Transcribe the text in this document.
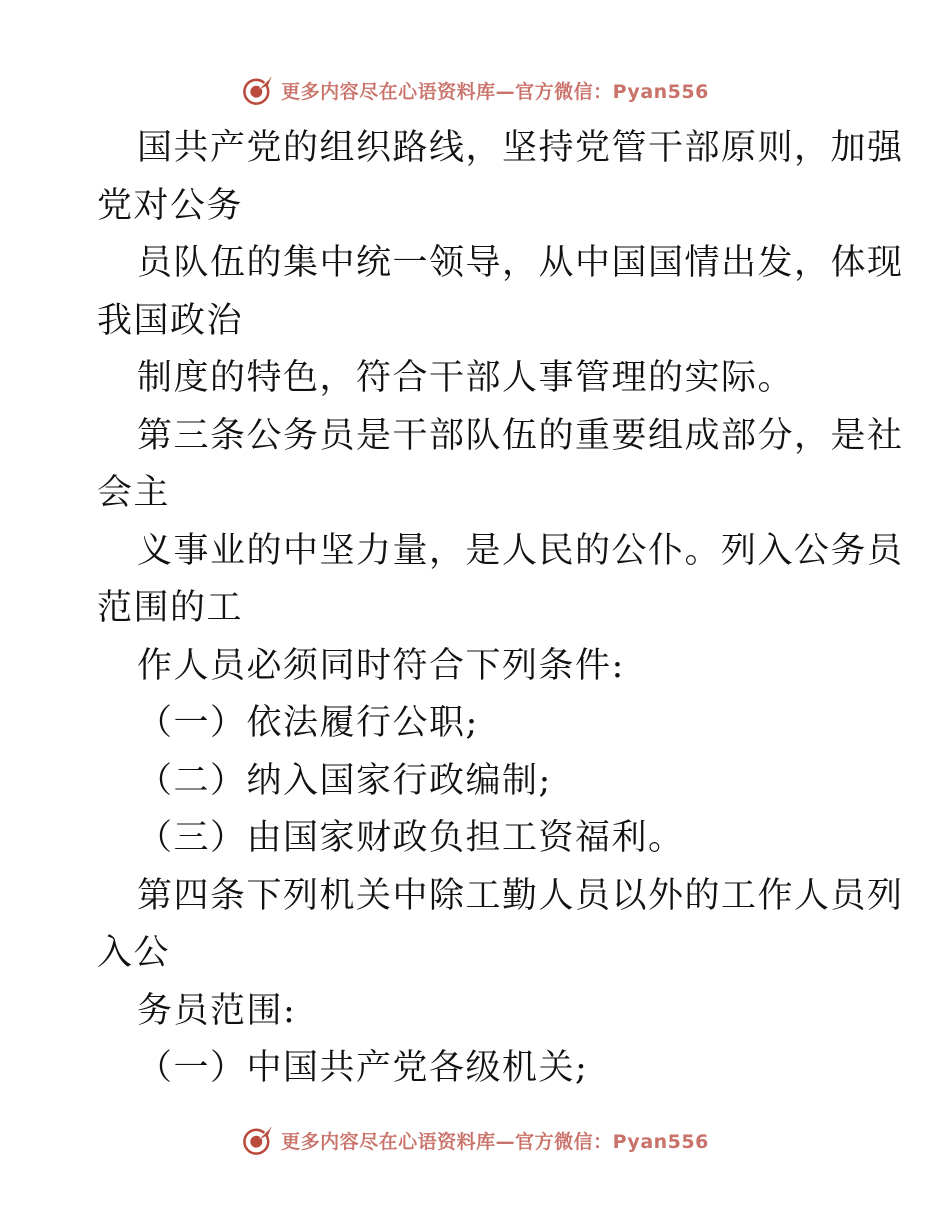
更多内容尽在心语资料库—官方微信：Pyan556
国共产党的组织路线，坚持党管干部原则，加强
党对公务
员队伍的集中统一领导，从中国国情出发，体现
我国政治
制度的特色，符合干部人事管理的实际。
第三条公务员是干部队伍的重要组成部分，是社
会主
义事业的中坚力量，是人民的公仆。列入公务员
范围的工
作人员必须同时符合下列条件:
（一）依法履行公职;
（二）纳入国家行政编制;
（三）由国家财政负担工资福利。
第四条下列机关中除工勤人员以外的工作人员列
入公
务员范围:
（一）中国共产党各级机关;
更多内容尽在心语资料库—官方微信：Pyan556
